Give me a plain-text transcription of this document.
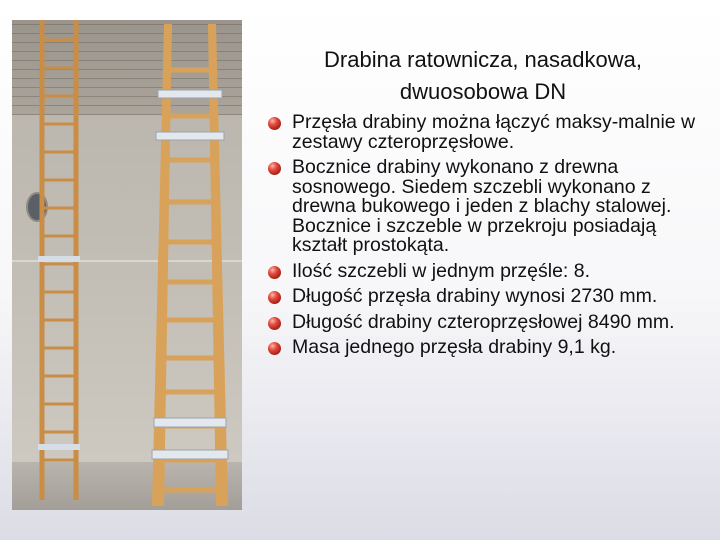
Drabina ratownicza, nasadkowa,
dwuosobowa DN
Przęsła drabiny można łączyć maksy-malnie w zestawy czteroprzęsłowe.
Bocznice drabiny wykonano z drewna sosnowego. Siedem szczebli wykonano z drewna bukowego i jeden z blachy stalowej. Bocznice i szczeble w przekroju posiadają kształt prostokąta.
Ilość szczebli w jednym przęśle: 8.
Długość przęsła drabiny wynosi 2730 mm.
Długość drabiny czteroprzęsłowej 8490 mm.
Masa jednego przęsła drabiny 9,1 kg.
